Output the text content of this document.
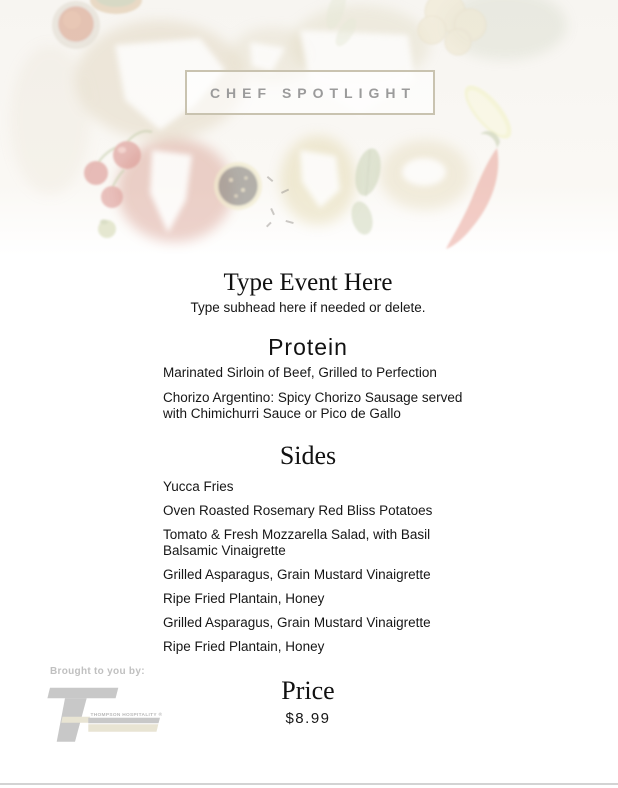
CHEF SPOTLIGHT
Type Event Here
Type subhead here if needed or delete.
Protein

Marinated Sirloin of Beef, Grilled to Perfection

Chorizo Argentino: Spicy Chorizo Sausage served with Chimichurri Sauce or Pico de Gallo

Sides

Yucca Fries

Oven Roasted Rosemary Red Bliss Potatoes

Tomato & Fresh Mozzarella Salad, with Basil Balsamic Vinaigrette

Grilled Asparagus, Grain Mustard Vinaigrette

Ripe Fried Plantain, Honey

Grilled Asparagus, Grain Mustard Vinaigrette

Ripe Fried Plantain, Honey

Price
$8.99
Brought to you by:
THOMPSON HOSPITALITY ®
